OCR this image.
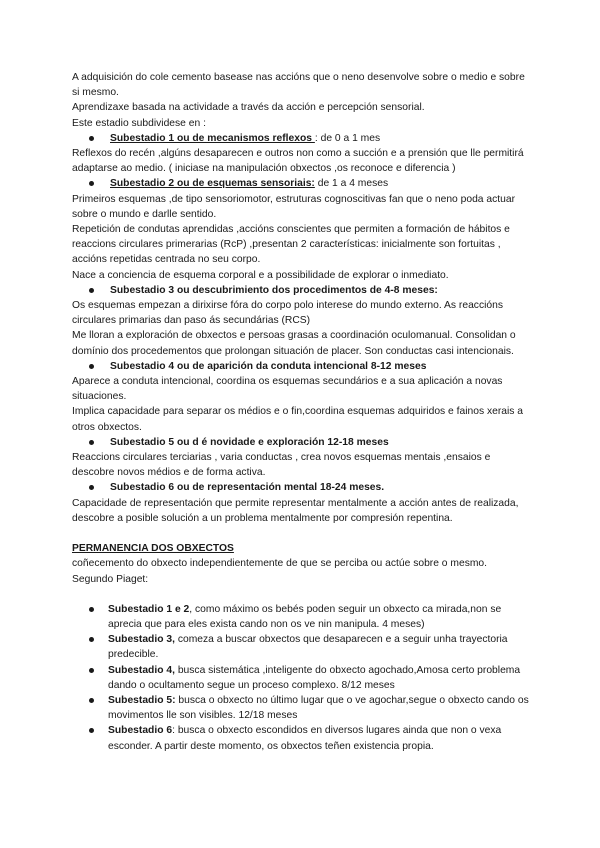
A adquisición do cole cemento basease nas accións que o neno desenvolve sobre o medio e sobre si mesmo.

Aprendizaxe basada na actividade a través da acción e percepción sensorial.

Este estadio subdividese en :

Subestadio 1 ou de mecanismos reflexos : de 0 a 1 mes

Reflexos do recén ,algúns desaparecen e outros non como a succión e a prensión que lle permitirá adaptarse ao medio. ( iniciase na manipulación obxectos ,os reconoce e diferencia )

Subestadio 2 ou de esquemas sensoriais: de 1 a 4 meses

Primeiros esquemas ,de tipo sensoriomotor, estruturas cognoscitivas fan que o neno poda actuar sobre o mundo e darlle sentido.

Repetición de condutas aprendidas ,accións conscientes que permiten a formación de hábitos e reaccions circulares primerarias (RcP) ,presentan 2 características: inicialmente son fortuitas , accións repetidas centrada no seu corpo.

Nace a conciencia de esquema corporal e a possibilidade de explorar o inmediato.

Subestadio 3 ou descubrimiento dos procedimentos de 4-8 meses:

Os esquemas empezan a dirixirse fóra do corpo polo interese do mundo externo. As reaccións circulares primarias dan paso ás secundárias (RCS)

Me lloran a exploración de obxectos e persoas grasas a coordinación oculomanual. Consolidan o domínio dos procedementos que prolongan situación de placer. Son conductas casi intencionais.

Subestadio 4 ou de aparición da conduta intencional 8-12 meses

Aparece a conduta intencional, coordina os esquemas secundários e a sua aplicación a novas situaciones.

Implica capacidade para separar os médios e o fin,coordina esquemas adquiridos e fainos xerais a otros obxectos.

Subestadio 5 ou d é novidade e exploración 12-18 meses

Reaccions circulares terciarias , varia conductas , crea novos esquemas mentais ,ensaios e descobre novos médios e de forma activa.

Subestadio 6 ou de representación mental 18-24 meses.

Capacidade de representación que permite representar mentalmente a acción antes de realizada, descobre a posible solución a un problema mentalmente por compresión repentina.

PERMANENCIA DOS OBXECTOS

coñecemento do obxecto independientemente de que se perciba ou actúe sobre o mesmo.

Segundo Piaget:

Subestadio 1 e 2, como máximo os bebés poden seguir un obxecto ca mirada,non se aprecia que para eles exista cando non os ve nin manipula. 4 meses)
Subestadio 3, comeza a buscar obxectos que desaparecen e a seguir unha trayectoria predecible.
Subestadio 4, busca sistemática ,inteligente do obxecto agochado,Amosa certo problema dando o ocultamento segue un proceso complexo. 8/12 meses
Subestadio 5: busca o obxecto no último lugar que o ve agochar,segue o obxecto cando os movimentos lle son visibles. 12/18 meses
Subestadio 6: busca o obxecto escondidos en diversos lugares ainda que non o vexa esconder. A partir deste momento, os obxectos teñen existencia propia.
